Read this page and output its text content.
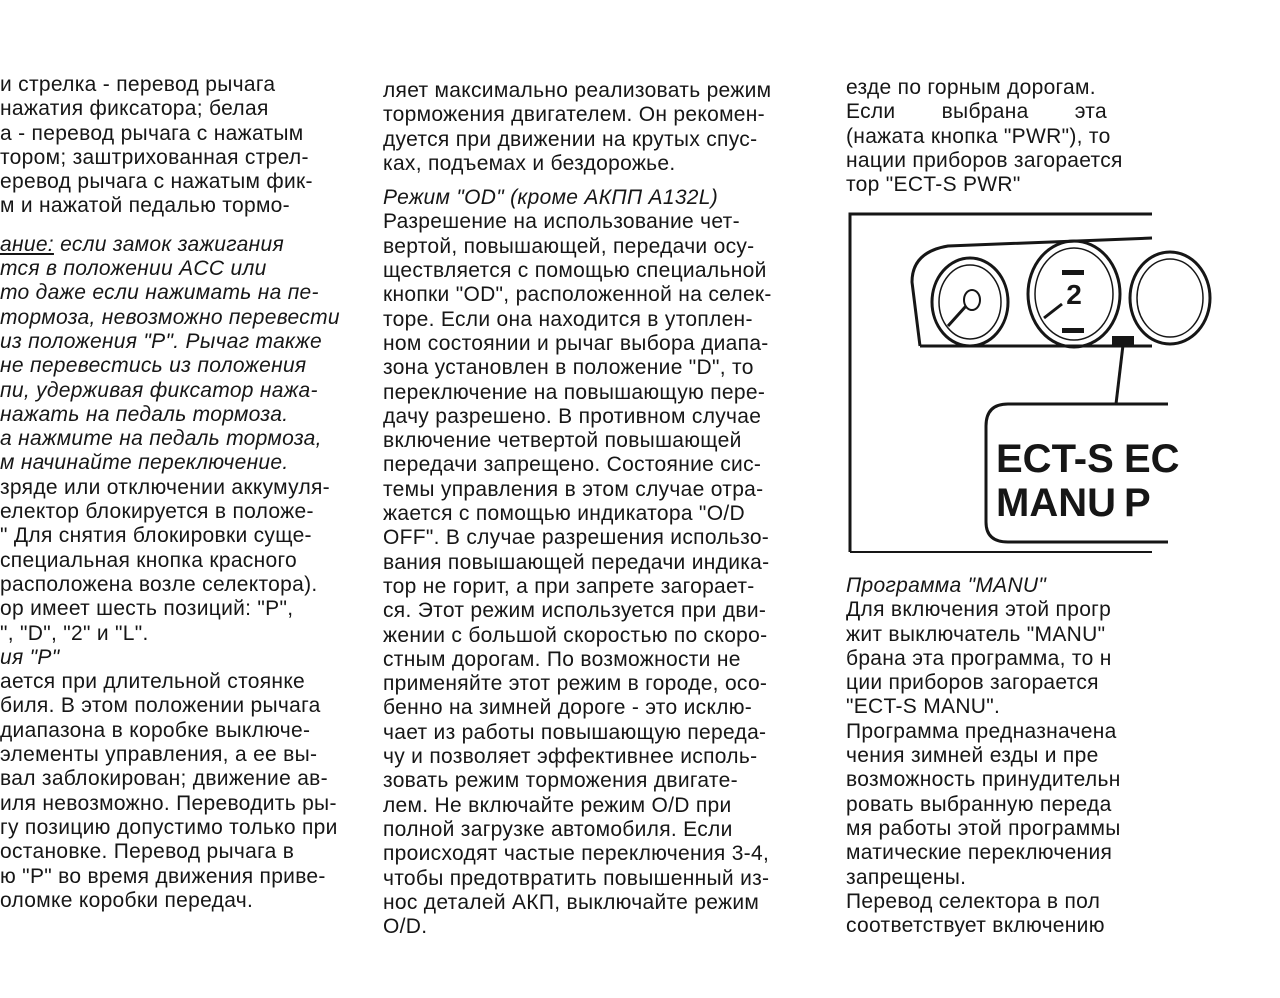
и стрелка - перевод рычага

нажатия фиксатора; белая

а - перевод рычага с нажатым

тором; заштрихованная стрел-

еревод рычага с нажатым фик-

м и нажатой педалью тормо-

ание: если замок зажигания

тся в положении ACC или

то даже если нажимать на пе-

тормоза, невозможно перевести

из положения "P". Рычаг также

не перевестись из положения

пи, удерживая фиксатор нажа-

нажать на педаль тормоза.

а нажмите на педаль тормоза,

м начинайте переключение.

зряде или отключении аккумуля-

електор блокируется в положе-

" Для снятия блокировки суще-

специальная кнопка красного

расположена возле селектора).

ор имеет шесть позиций: "P",

", "D", "2" и "L".

ия "P"

ается при длительной стоянке

биля. В этом положении рычага

диапазона в коробке выключе-

элементы управления, а ее вы-

вал заблокирован; движение ав-

иля невозможно. Переводить ры-

гу позицию допустимо только при

остановке. Перевод рычага в

ю "P" во время движения приве-

оломке коробки передач.

ляет максимально реализовать режим

торможения двигателем. Он рекомен-

дуется при движении на крутых спус-

ках, подъемах и бездорожье.

Режим "OD" (кроме АКПП A132L)

Разрешение на использование чет-

вертой, повышающей, передачи осу-

ществляется с помощью специальной

кнопки "OD", расположенной на селек-

торе. Если она находится в утоплен-

ном состоянии и рычаг выбора диапа-

зона установлен в положение "D", то

переключение на повышающую пере-

дачу разрешено. В противном случае

включение четвертой повышающей

передачи запрещено. Состояние сис-

темы управления в этом случае отра-

жается с помощью индикатора "O/D

OFF". В случае разрешения использо-

вания повышающей передачи индика-

тор не горит, а при запрете загорает-

ся. Этот режим используется при дви-

жении с большой скоростью по скоро-

стным дорогам. По возможности не

применяйте этот режим в городе, осо-

бенно на зимней дороге - это исклю-

чает из работы повышающую переда-

чу и позволяет эффективнее исполь-

зовать режим торможения двигате-

лем. Не включайте режим O/D при

полной загрузке автомобиля. Если

происходят частые переключения 3-4,

чтобы предотвратить повышенный из-

нос деталей АКП, выключайте режим

O/D.

езде по горным дорогам.

Если выбрана эта

(нажата кнопка "PWR"), то

нации приборов загорается

тор "ECT-S PWR"

2
ECT-S EC
MANU P

Программа "MANU"

Для включения этой прогр

жит выключатель "MANU"

брана эта программа, то н

ции приборов загорается

"ECT-S MANU".

Программа предназначена

чения зимней езды и пре

возможность принудительн

ровать выбранную переда

мя работы этой программы

матические переключения

запрещены.

Перевод селектора в пол

соответствует включению
